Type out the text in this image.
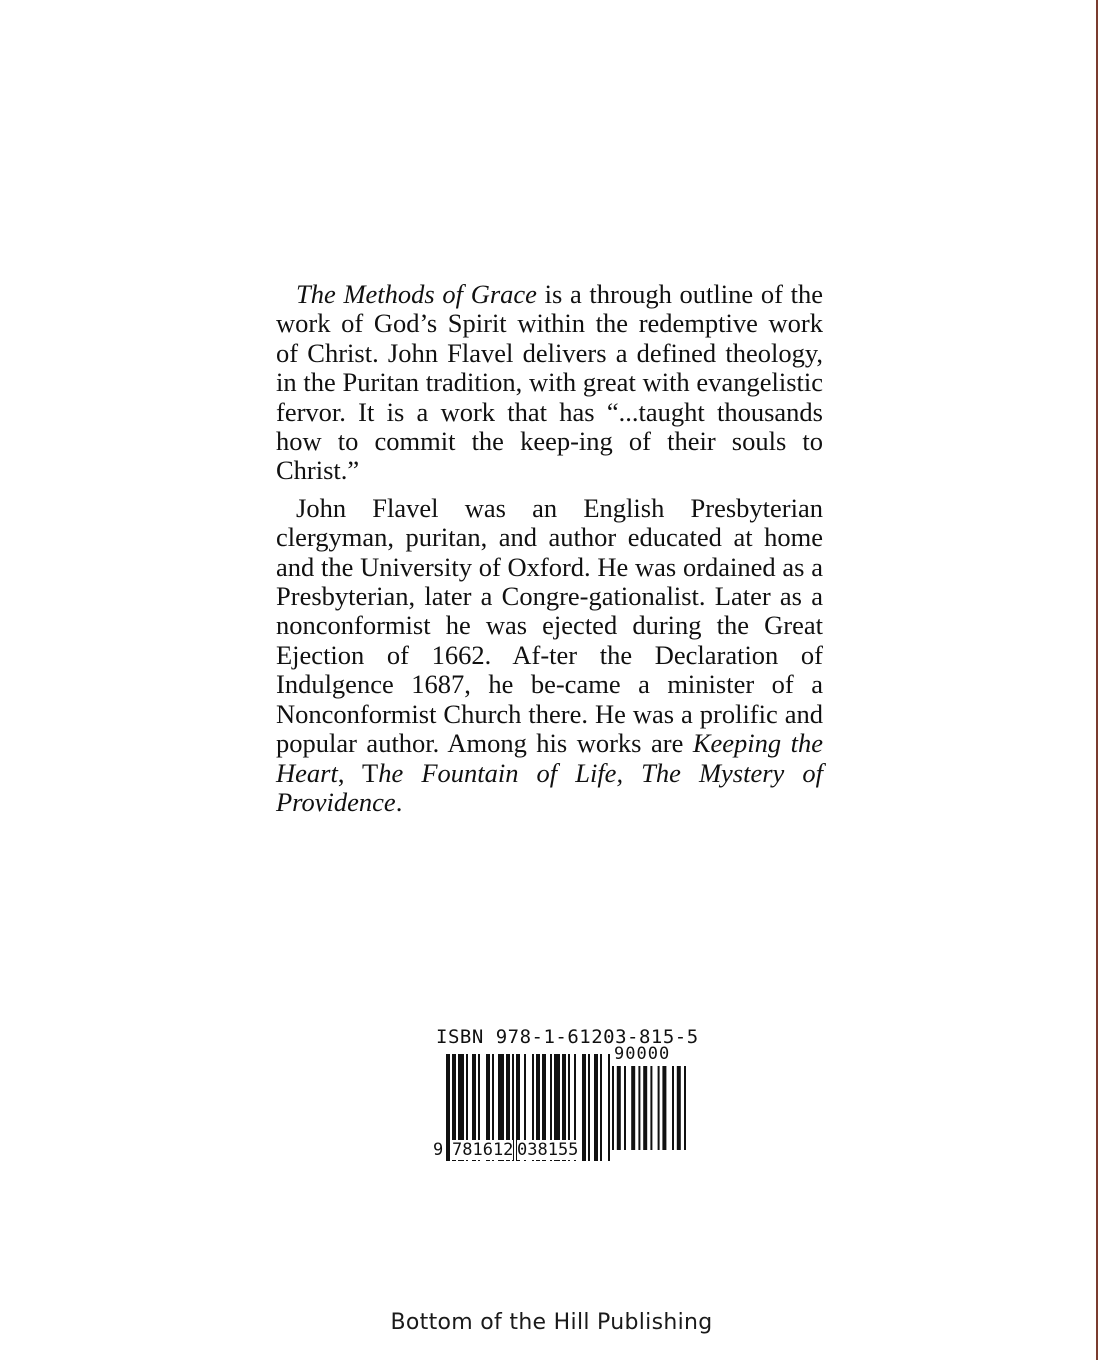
The Methods of Grace is a through outline of the work of God’s Spirit within the redemptive work of Christ. John Flavel delivers a defined theology, in the Puritan tradition, with great with evangelistic fervor. It is a work that has “...taught thousands how to commit the keep-ing of their souls to Christ.”

John Flavel was an English Presbyterian clergyman, puritan, and author educated at home and the University of Oxford. He was ordained as a Presbyterian, later a Congre-gationalist. Later as a nonconformist he was ejected during the Great Ejection of 1662. Af-ter the Declaration of Indulgence 1687, he be-came a minister of a Nonconformist Church there. He was a prolific and popular author. Among his works are Keeping the Heart, The Fountain of Life, The Mystery of Providence.

ISBN 978-1-61203-815-5
90000
9 781612 038155
Bottom of the Hill Publishing
